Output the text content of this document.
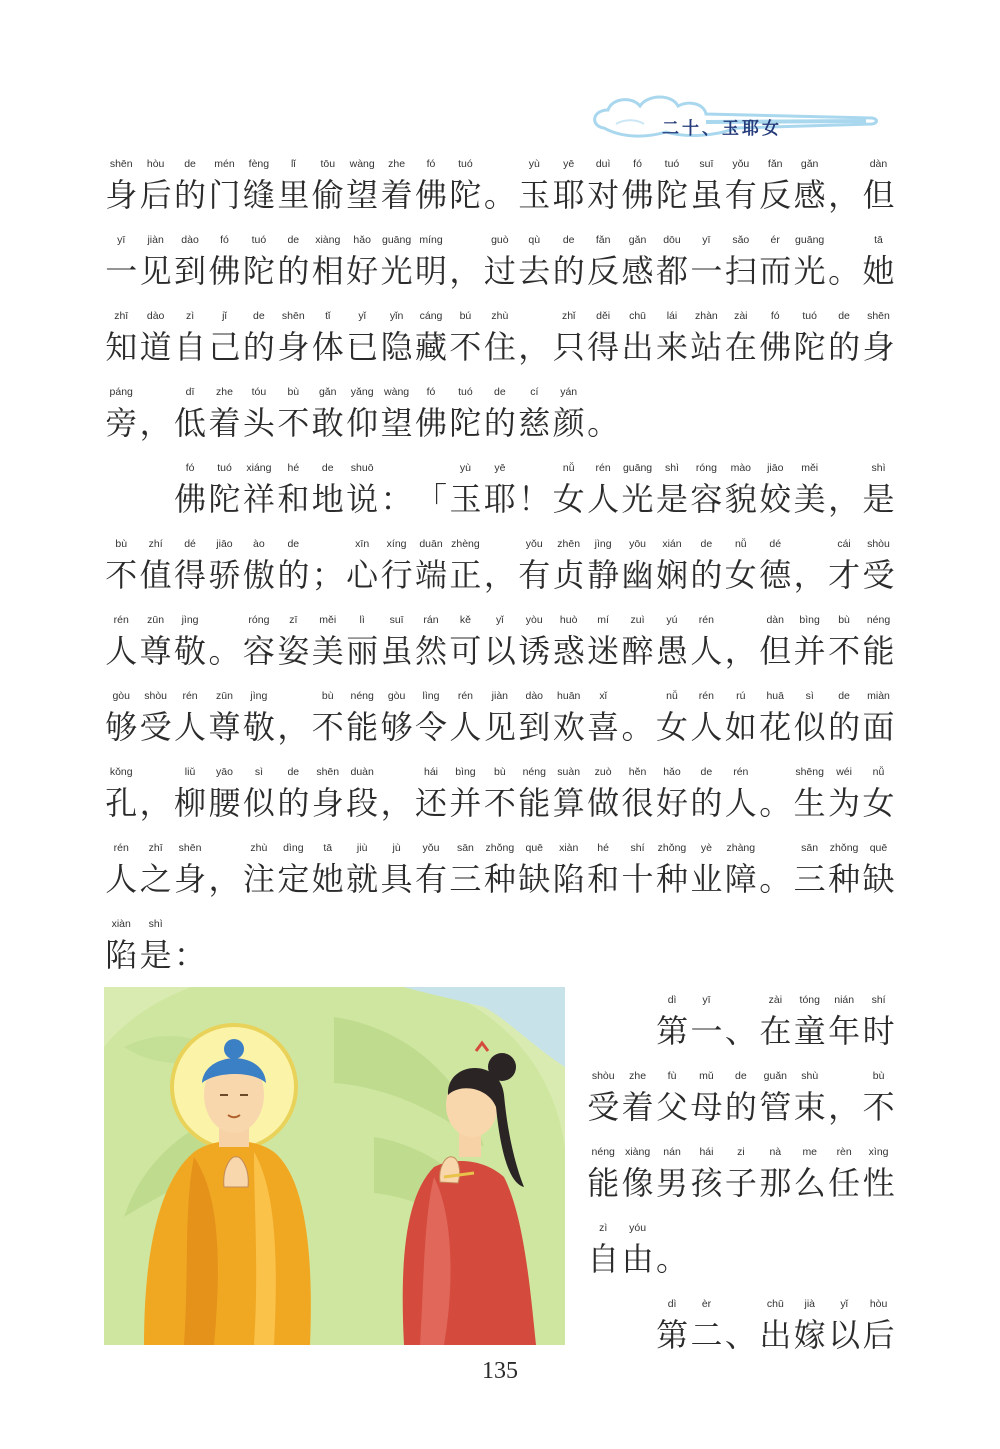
二十、玉耶女
135
shēn
身
hòu
后
de
的
mén
门
fèng
缝
lǐ
里
tōu
偷
wàng
望
zhe
着
fó
佛
tuó
陀 。
yù
玉
yē
耶
duì
对
fó
佛
tuó
陀
suī
虽
yǒu
有
fǎn
反
gǎn
感 ，
dàn
但
yī
一
jiàn
见
dào
到
fó
佛
tuó
陀
de
的
xiàng
相
hǎo
好
guāng
光
míng
明 ，
guò
过
qù
去
de
的
fǎn
反
gǎn
感
dōu
都
yī
一
sǎo
扫
ér
而
guāng
光 。
tā
她
zhī
知
dào
道
zì
自
jǐ
己
de
的
shēn
身
tǐ
体
yǐ
已
yǐn
隐
cáng
藏
bú
不
zhù
住 ，
zhǐ
只
děi
得
chū
出
lái
来
zhàn
站
zài
在
fó
佛
tuó
陀
de
的
shēn
身
páng
旁 ，
dī
低
zhe
着
tóu
头
bù
不
gǎn
敢
yǎng
仰
wàng
望
fó
佛
tuó
陀
de
的
cí
慈
yán
颜 。
fó
佛
tuó
陀
xiáng
祥
hé
和
de
地
shuō
说 ： 「
yù
玉
yē
耶 ！
nǚ
女
rén
人
guāng
光
shì
是
róng
容
mào
貌
jiāo
姣
měi
美 ，
shì
是
bù
不
zhí
值
dé
得
jiāo
骄
ào
傲
de
的 ；
xīn
心
xíng
行
duān
端
zhèng
正 ，
yǒu
有
zhēn
贞
jìng
静
yōu
幽
xián
娴
de
的
nǚ
女
dé
德 ，
cái
才
shòu
受
rén
人
zūn
尊
jìng
敬 。
róng
容
zī
姿
měi
美
lì
丽
suī
虽
rán
然
kě
可
yǐ
以
yòu
诱
huò
惑
mí
迷
zuì
醉
yú
愚
rén
人 ，
dàn
但
bìng
并
bù
不
néng
能
gòu
够
shòu
受
rén
人
zūn
尊
jìng
敬 ，
bù
不
néng
能
gòu
够
lìng
令
rén
人
jiàn
见
dào
到
huān
欢
xǐ
喜 。
nǚ
女
rén
人
rú
如
huā
花
sì
似
de
的
miàn
面
kǒng
孔 ，
liǔ
柳
yāo
腰
sì
似
de
的
shēn
身
duàn
段 ，
hái
还
bìng
并
bù
不
néng
能
suàn
算
zuò
做
hěn
很
hǎo
好
de
的
rén
人 。
shēng
生
wéi
为
nǚ
女
rén
人
zhī
之
shēn
身 ，
zhù
注
dìng
定
tā
她
jiù
就
jù
具
yǒu
有
sān
三
zhǒng
种
quē
缺
xiàn
陷
hé
和
shí
十
zhǒng
种
yè
业
zhàng
障 。
sān
三
zhǒng
种
quē
缺
xiàn
陷
shì
是 ：
dì
第
yī
一 、
zài
在
tóng
童
nián
年
shí
时
shòu
受
zhe
着
fù
父
mǔ
母
de
的
guǎn
管
shù
束 ，
bù
不
néng
能
xiàng
像
nán
男
hái
孩
zi
子
nà
那
me
么
rèn
任
xìng
性
zì
自
yóu
由 。
dì
第
èr
二 、
chū
出
jià
嫁
yǐ
以
hòu
后
